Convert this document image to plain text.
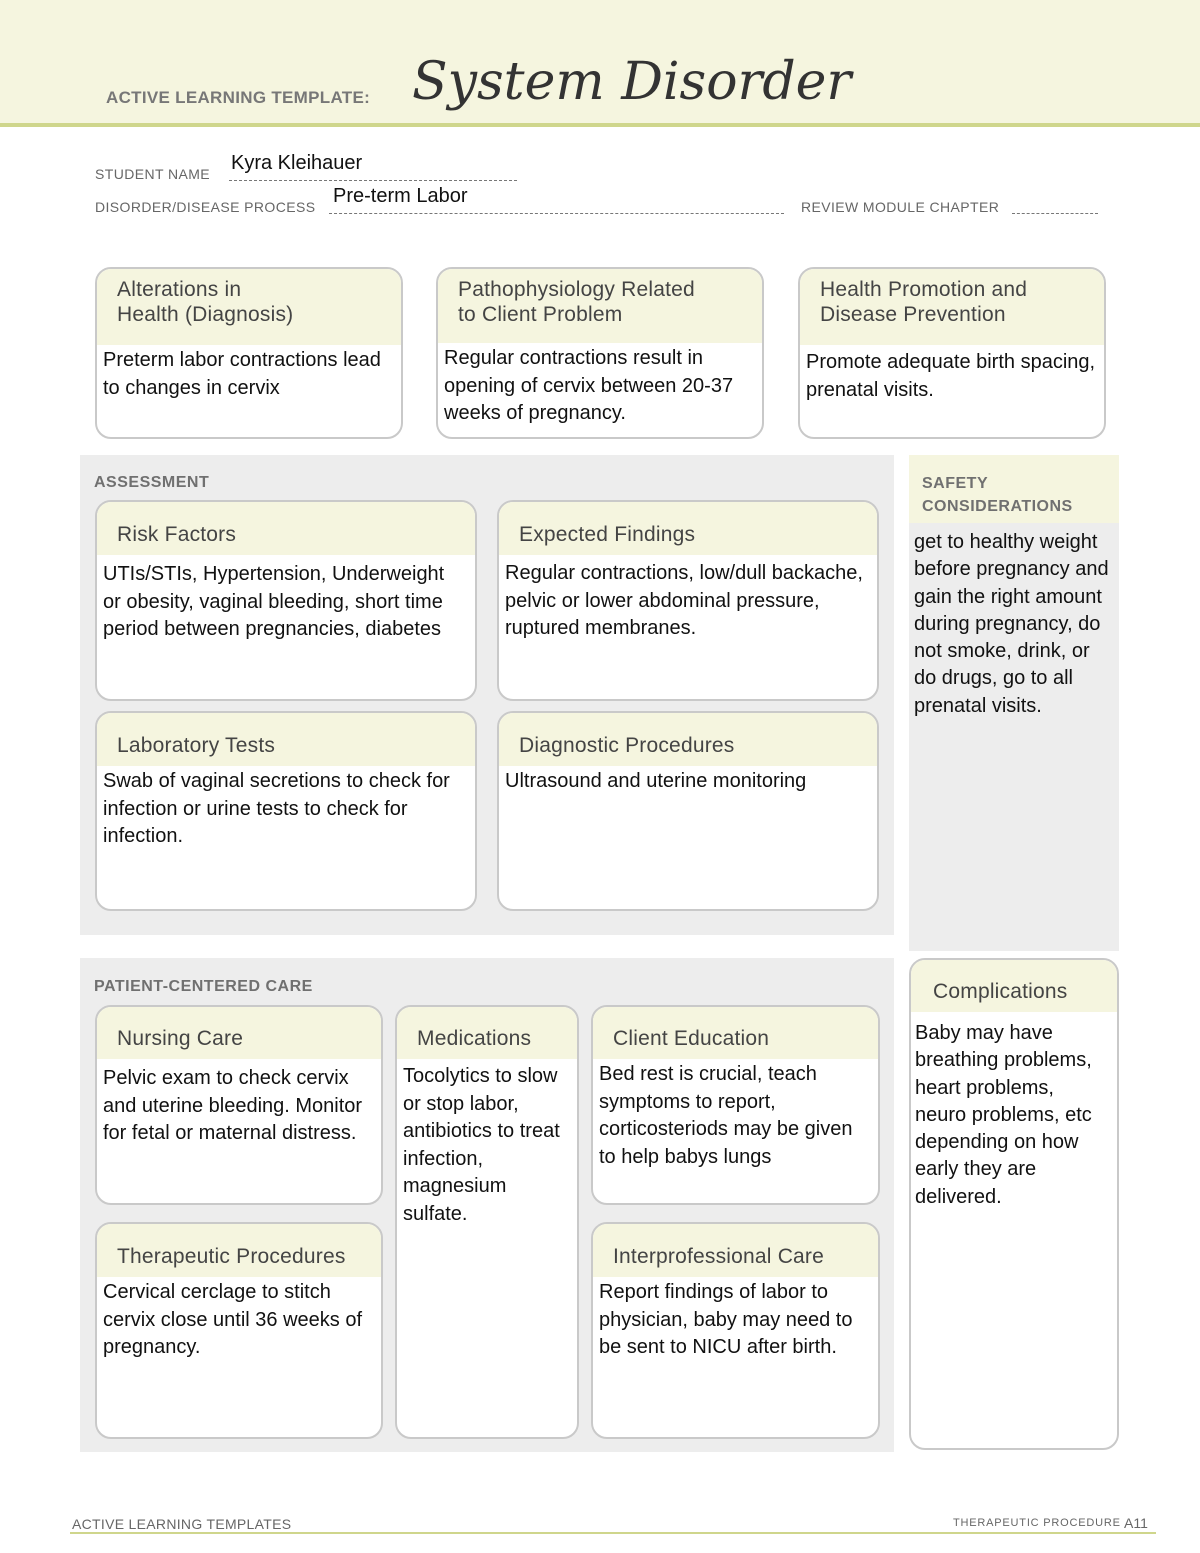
ACTIVE LEARNING TEMPLATE: System Disorder
STUDENT NAME Kyra Kleihauer
DISORDER/DISEASE PROCESS Pre-term Labor	REVIEW MODULE CHAPTER
Alterations in
Health (Diagnosis)
Preterm labor contractions lead to changes in cervix
Pathophysiology Related
to Client Problem
Regular contractions result in opening of cervix between 20-37 weeks of pregnancy.
Health Promotion and
Disease Prevention
Promote adequate birth spacing, prenatal visits.
ASSESSMENT
Risk Factors
UTIs/STIs, Hypertension, Underweight or obesity, vaginal bleeding, short time period between pregnancies, diabetes
Expected Findings
Regular contractions, low/dull backache, pelvic or lower abdominal pressure, ruptured membranes.
Laboratory Tests
Swab of vaginal secretions to check for infection or urine tests to check for infection.
Diagnostic Procedures
Ultrasound and uterine monitoring
SAFETY
CONSIDERATIONS
get to healthy weight before pregnancy and gain the right amount during pregnancy, do not smoke, drink, or do drugs, go to all prenatal visits.
PATIENT-CENTERED CARE
Nursing Care
Pelvic exam to check cervix and uterine bleeding. Monitor for fetal or maternal distress.
Medications
Tocolytics to slow or stop labor, antibiotics to treat infection, magnesium sulfate.
Client Education
Bed rest is crucial, teach symptoms to report, corticosteriods may be given to help babys lungs
Therapeutic Procedures
Cervical cerclage to stitch cervix close until 36 weeks of pregnancy.
Interprofessional Care
Report findings of labor to physician, baby may need to be sent to NICU after birth.
Complications
Baby may have breathing problems, heart problems, neuro problems, etc depending on how early they are delivered.
ACTIVE LEARNING TEMPLATES	THERAPEUTIC PROCEDURE A11
